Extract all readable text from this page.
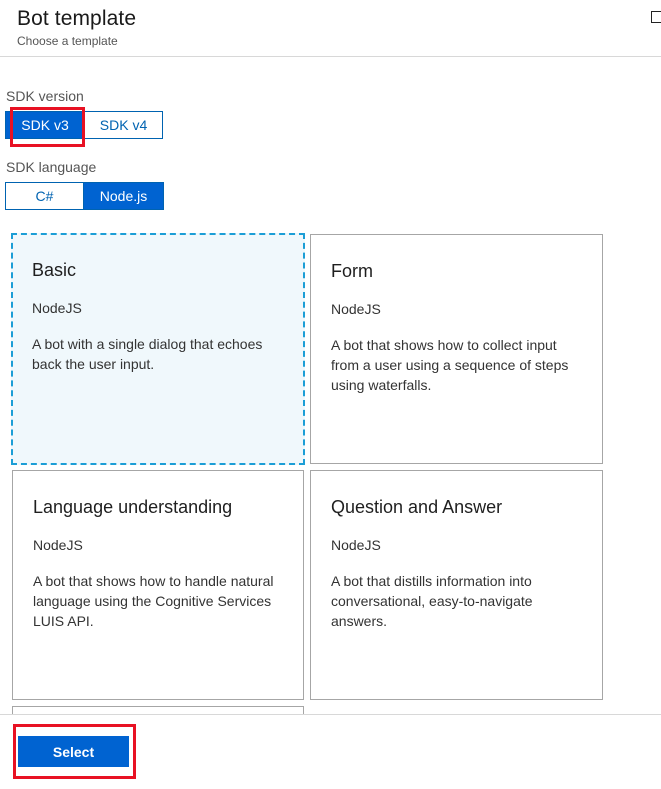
Bot template
Choose a template
SDK version
SDK v3	SDK v4
SDK language
C#	Node.js
Basic
NodeJS
A bot with a single dialog that echoes back the user input.
Form
NodeJS
A bot that shows how to collect input from a user using a sequence of steps using waterfalls.
Language understanding
NodeJS
A bot that shows how to handle natural language using the Cognitive Services LUIS API.
Question and Answer
NodeJS
A bot that distills information into conversational, easy-to-navigate answers.
Select
